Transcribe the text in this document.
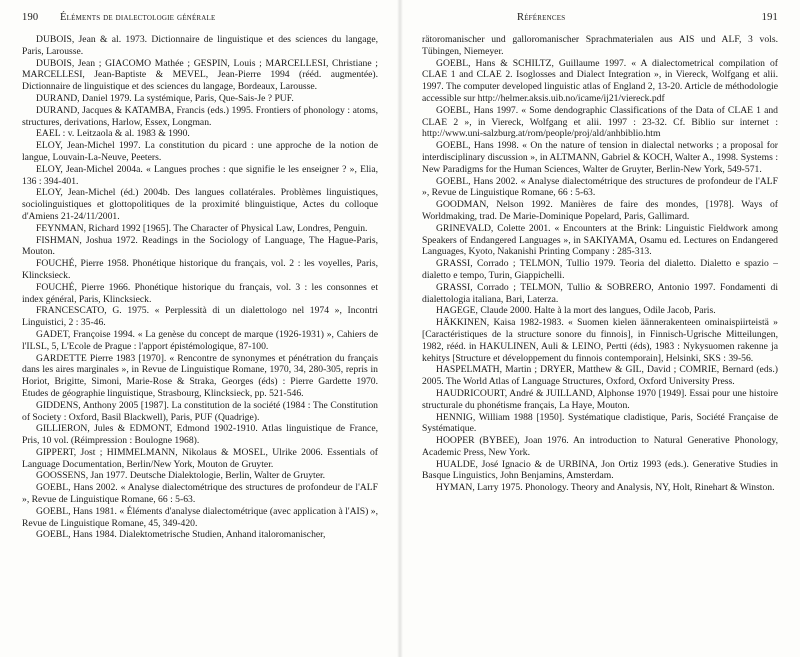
190 Éléments de dialectologie générale

DUBOIS, Jean & al. 1973. Dictionnaire de linguistique et des sciences du langage, Paris, Larousse.

DUBOIS, Jean ; GIACOMO Mathée ; GESPIN, Louis ; MARCELLESI, Christiane ; MARCELLESI, Jean-Baptiste & MEVEL, Jean-Pierre 1994 (rééd. augmentée). Dictionnaire de linguistique et des sciences du langage, Bordeaux, Larousse.

DURAND, Daniel 1979. La systémique, Paris, Que-Sais-Je ? PUF.

DURAND, Jacques & KATAMBA, Francis (eds.) 1995. Frontiers of phonology : atoms, structures, derivations, Harlow, Essex, Longman.

EAEL : v. Leitzaola & al. 1983 & 1990.

ELOY, Jean-Michel 1997. La constitution du picard : une approche de la notion de langue, Louvain-La-Neuve, Peeters.

ELOY, Jean-Michel 2004a. « Langues proches : que signifie le les enseigner ? », Elia, 136 : 394-401.

ELOY, Jean-Michel (éd.) 2004b. Des langues collatérales. Problèmes linguistiques, sociolinguistiques et glottopolitiques de la proximité blinguistique, Actes du colloque d'Amiens 21-24/11/2001.

FEYNMAN, Richard 1992 [1965]. The Character of Physical Law, Londres, Penguin.

FISHMAN, Joshua 1972. Readings in the Sociology of Language, The Hague-Paris, Mouton.

FOUCHÉ, Pierre 1958. Phonétique historique du français, vol. 2 : les voyelles, Paris, Klincksieck.

FOUCHÉ, Pierre 1966. Phonétique historique du français, vol. 3 : les consonnes et index général, Paris, Klincksieck.

FRANCESCATO, G. 1975. « Perplessità di un dialettologo nel 1974 », Incontri Linguistici, 2 : 35-46.

GADET, Françoise 1994. « La genèse du concept de marque (1926-1931) », Cahiers de l'ILSL, 5, L'Ecole de Prague : l'apport épistémologique, 87-100.

GARDETTE Pierre 1983 [1970]. « Rencontre de synonymes et pénétration du français dans les aires marginales », in Revue de Linguistique Romane, 1970, 34, 280-305, repris in Horiot, Brigitte, Simoni, Marie-Rose & Straka, Georges (éds) : Pierre Gardette 1970. Etudes de géographie linguistique, Strasbourg, Klincksieck, pp. 521-546.

GIDDENS, Anthony 2005 [1987]. La constitution de la société (1984 : The Constitution of Society : Oxford, Basil Blackwell), Paris, PUF (Quadrige).

GILLIERON, Jules & EDMONT, Edmond 1902-1910. Atlas linguistique de France, Pris, 10 vol. (Réimpression : Boulogne 1968).

GIPPERT, Jost ; HIMMELMANN, Nikolaus & MOSEL, Ulrike 2006. Essentials of Language Documentation, Berlin/New York, Mouton de Gruyter.

GOOSSENS, Jan 1977. Deutsche Dialektologie, Berlin, Walter de Gruyter.

GOEBL, Hans 2002. « Analyse dialectométrique des structures de profondeur de l'ALF », Revue de Linguistique Romane, 66 : 5-63.

GOEBL, Hans 1981. « Éléments d'analyse dialectométrique (avec application à l'AIS) », Revue de Linguistique Romane, 45, 349-420.

GOEBL, Hans 1984. Dialektometrische Studien, Anhand italoromanischer,

Références	191

rätoromanischer und galloromanischer Sprachmaterialen aus AIS und ALF, 3 vols. Tübingen, Niemeyer.

GOEBL, Hans & SCHILTZ, Guillaume 1997. « A dialectometrical compilation of CLAE 1 and CLAE 2. Isoglosses and Dialect Integration », in Viereck, Wolfgang et alii. 1997. The computer developed linguistic atlas of England 2, 13-20. Article de méthodologie accessible sur http://helmer.aksis.uib.no/icame/ij21/viereck.pdf

GOEBL, Hans 1997. « Some dendographic Classifications of the Data of CLAE 1 and CLAE 2 », in Viereck, Wolfgang et alii. 1997 : 23-32. Cf. Biblio sur internet : http://www.uni-salzburg.at/rom/people/proj/ald/anhbiblio.htm

GOEBL, Hans 1998. « On the nature of tension in dialectal networks ; a proposal for interdisciplinary discussion », in ALTMANN, Gabriel & KOCH, Walter A., 1998. Systems : New Paradigms for the Human Sciences, Walter de Gruyter, Berlin-New York, 549-571.

GOEBL, Hans 2002. « Analyse dialectométrique des structures de profondeur de l'ALF », Revue de Linguistique Romane, 66 : 5-63.

GOODMAN, Nelson 1992. Manières de faire des mondes, [1978]. Ways of Worldmaking, trad. De Marie-Dominique Popelard, Paris, Gallimard.

GRINEVALD, Colette 2001. « Encounters at the Brink: Linguistic Fieldwork among Speakers of Endangered Languages », in SAKIYAMA, Osamu ed. Lectures on Endangered Languages, Kyoto, Nakanishi Printing Company : 285-313.

GRASSI, Corrado ; TELMON, Tullio 1979. Teoria del dialetto. Dialetto e spazio – dialetto e tempo, Turin, Giappichelli.

GRASSI, Corrado ; TELMON, Tullio & SOBRERO, Antonio 1997. Fondamenti di dialettologia italiana, Bari, Laterza.

HAGEGE, Claude 2000. Halte à la mort des langues, Odile Jacob, Paris.

HÄKKINEN, Kaisa 1982-1983. « Suomen kielen äännerakenteen ominaispiirteistä » [Caractéristiques de la structure sonore du finnois], in Finnisch-Ugrische Mitteilungen, 1982, rééd. in HAKULINEN, Auli & LEINO, Pertti (éds), 1983 : Nykysuomen rakenne ja kehitys [Structure et développement du finnois contemporain], Helsinki, SKS : 39-56.

HASPELMATH, Martin ; DRYER, Matthew & GIL, David ; COMRIE, Bernard (eds.) 2005. The World Atlas of Language Structures, Oxford, Oxford University Press.

HAUDRICOURT, André & JUILLAND, Alphonse 1970 [1949]. Essai pour une histoire structurale du phonétisme français, La Haye, Mouton.

HENNIG, William 1988 [1950]. Systématique cladistique, Paris, Société Française de Systématique.

HOOPER (BYBEE), Joan 1976. An introduction to Natural Generative Phonology, Academic Press, New York.

HUALDE, José Ignacio & de URBINA, Jon Ortiz 1993 (eds.). Generative Studies in Basque Linguistics, John Benjamins, Amsterdam.

HYMAN, Larry 1975. Phonology. Theory and Analysis, NY, Holt, Rinehart & Winston.
